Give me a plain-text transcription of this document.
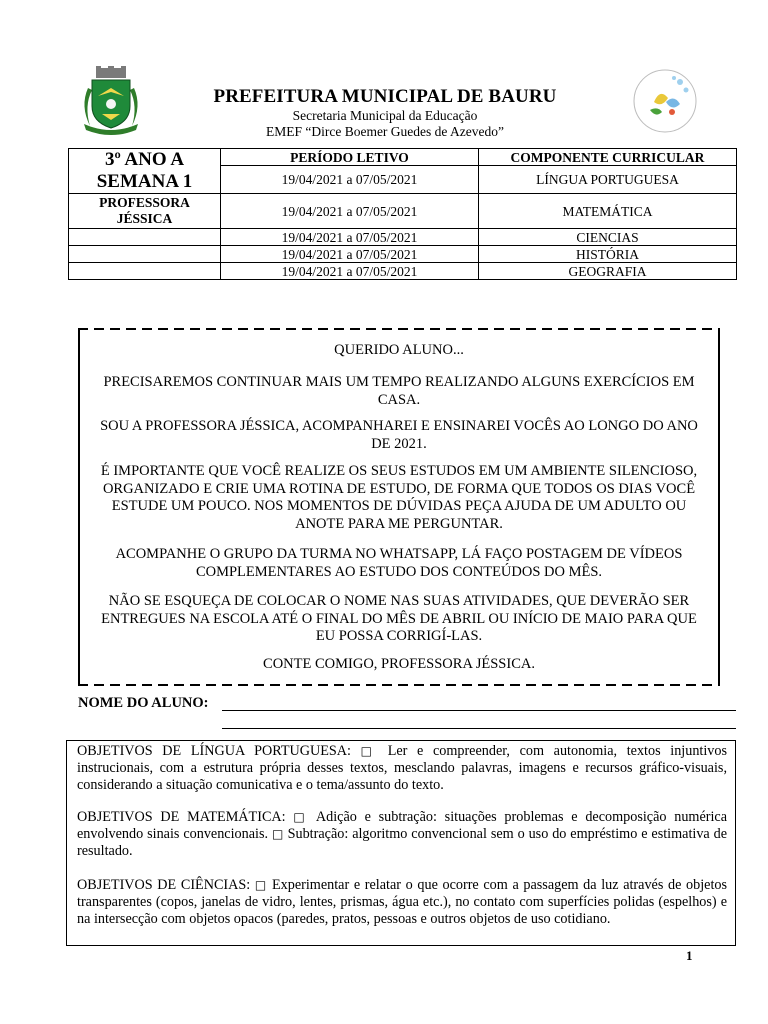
PREFEITURA MUNICIPAL DE BAURU
Secretaria Municipal da Educação
EMEF “Dirce Boemer Guedes de Azevedo”
3º ANO A
SEMANA 1	PERÍODO LETIVO	COMPONENTE CURRICULAR
	19/04/2021 a 07/05/2021	LÍNGUA PORTUGUESA

PROFESSORA
JÉSSICA	19/04/2021 a 07/05/2021	MATEMÁTICA
	19/04/2021 a 07/05/2021	CIENCIAS
	19/04/2021 a 07/05/2021	HISTÓRIA
	19/04/2021 a 07/05/2021	GEOGRAFIA

QUERIDO ALUNO...

PRECISAREMOS CONTINUAR MAIS UM TEMPO REALIZANDO ALGUNS EXERCÍCIOS EM CASA.

SOU A PROFESSORA JÉSSICA, ACOMPANHAREI E ENSINAREI VOCÊS AO LONGO DO ANO DE 2021.

É IMPORTANTE QUE VOCÊ REALIZE OS SEUS ESTUDOS EM UM AMBIENTE SILENCIOSO, ORGANIZADO E CRIE UMA ROTINA DE ESTUDO, DE FORMA QUE TODOS OS DIAS VOCÊ ESTUDE UM POUCO. NOS MOMENTOS DE DÚVIDAS PEÇA AJUDA DE UM ADULTO OU ANOTE PARA ME PERGUNTAR.

ACOMPANHE O GRUPO DA TURMA NO WHATSAPP, LÁ FAÇO POSTAGEM DE VÍDEOS COMPLEMENTARES AO ESTUDO DOS CONTEÚDOS DO MÊS.

NÃO SE ESQUEÇA DE COLOCAR O NOME NAS SUAS ATIVIDADES, QUE DEVERÃO SER ENTREGUES NA ESCOLA ATÉ O FINAL DO MÊS DE ABRIL OU INÍCIO DE MAIO PARA QUE EU POSSA CORRIGÍ-LAS.

CONTE COMIGO, PROFESSORA JÉSSICA.

NOME DO ALUNO:

OBJETIVOS DE LÍNGUA PORTUGUESA: □ Ler e compreender, com autonomia, textos injuntivos instrucionais, com a estrutura própria desses textos, mesclando palavras, imagens e recursos gráfico-visuais, considerando a situação comunicativa e o tema/assunto do texto.

OBJETIVOS DE MATEMÁTICA: □ Adição e subtração: situações problemas e decomposição numérica envolvendo sinais convencionais. □ Subtração: algoritmo convencional sem o uso do empréstimo e estimativa de resultado.

OBJETIVOS DE CIÊNCIAS: □ Experimentar e relatar o que ocorre com a passagem da luz através de objetos transparentes (copos, janelas de vidro, lentes, prismas, água etc.), no contato com superfícies polidas (espelhos) e na intersecção com objetos opacos (paredes, pratos, pessoas e outros objetos de uso cotidiano.

1
